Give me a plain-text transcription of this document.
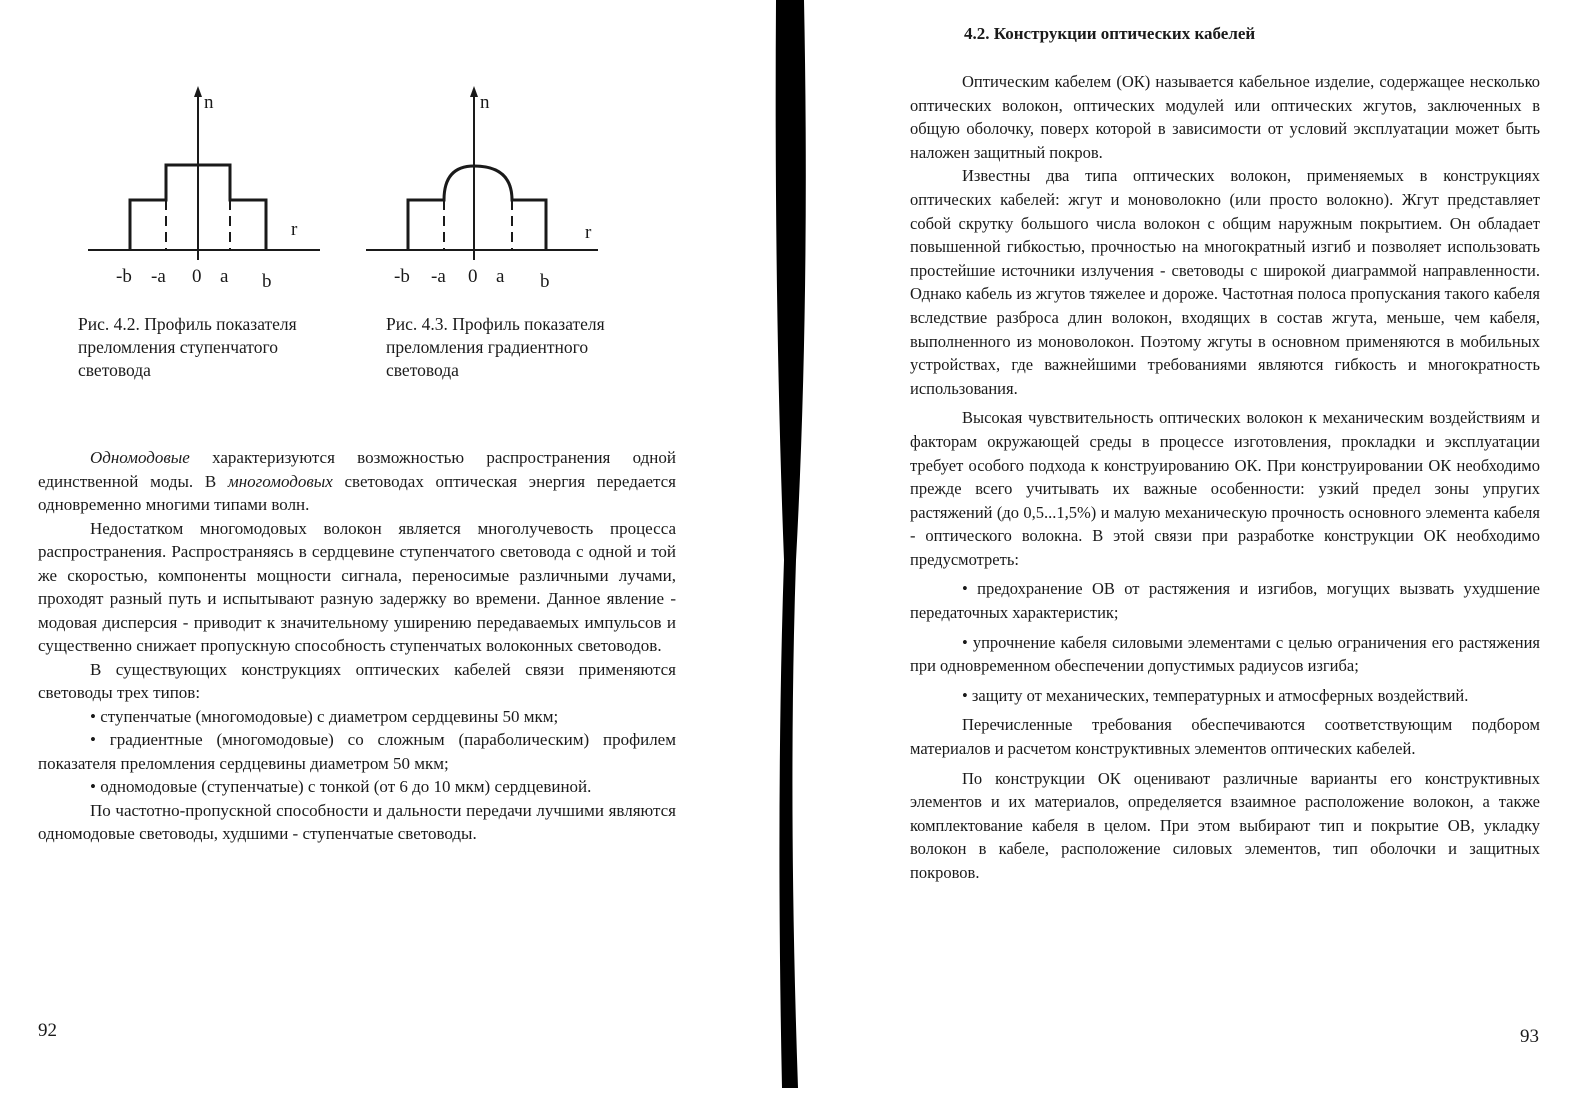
n
r
-b -a 0 a b
n
r
-b -a 0 a b
Рис. 4.2. Профиль показателя
преломления ступенчатого
световода
Рис. 4.3. Профиль показателя
преломления градиентного
световода

Одномодовые характеризуются возможностью распространения одной единственной моды. В многомодовых световодах оптическая энергия передается одновременно многими типами волн.

Недостатком многомодовых волокон является многолучевость процесса распространения. Распространяясь в сердцевине ступенчатого световода с одной и той же скоростью, компоненты мощности сигнала, переносимые различными лучами, проходят разный путь и испытывают разную задержку во времени. Данное явление - модовая дисперсия - приводит к значительному уширению передаваемых импульсов и существенно снижает пропускную способность ступенчатых волоконных световодов.

В существующих конструкциях оптических кабелей связи применяются световоды трех типов:

• ступенчатые (многомодовые) с диаметром сердцевины 50 мкм;

• градиентные (многомодовые) со сложным (параболическим) профилем показателя преломления сердцевины диаметром 50 мкм;

• одномодовые (ступенчатые) с тонкой (от 6 до 10 мкм) сердцевиной.

По частотно-пропускной способности и дальности передачи лучшими являются одномодовые световоды, худшими - ступенчатые световоды.

92
4.2. Конструкции оптических кабелей

Оптическим кабелем (ОК) называется кабельное изделие, содержащее несколько оптических волокон, оптических модулей или оптических жгутов, заключенных в общую оболочку, поверх которой в зависимости от условий эксплуатации может быть наложен защитный покров.

Известны два типа оптических волокон, применяемых в конструкциях оптических кабелей: жгут и моноволокно (или просто волокно). Жгут представляет собой скрутку большого числа волокон с общим наружным покрытием. Он обладает повышенной гибкостью, прочностью на многократный изгиб и позволяет использовать простейшие источники излучения - световоды с широкой диаграммой направленности. Однако кабель из жгутов тяжелее и дороже. Частотная полоса пропускания такого кабеля вследствие разброса длин волокон, входящих в состав жгута, меньше, чем кабеля, выполненного из моноволокон. Поэтому жгуты в основном применяются в мобильных устройствах, где важнейшими требованиями являются гибкость и многократность использования.

Высокая чувствительность оптических волокон к механическим воздействиям и факторам окружающей среды в процессе изготовления, прокладки и эксплуатации требует особого подхода к конструированию ОК. При конструировании ОК необходимо прежде всего учитывать их важные особенности: узкий предел зоны упругих растяжений (до 0,5...1,5%) и малую механическую прочность основного элемента кабеля - оптического волокна. В этой связи при разработке конструкции ОК необходимо предусмотреть:

• предохранение ОВ от растяжения и изгибов, могущих вызвать ухудшение передаточных характеристик;

• упрочнение кабеля силовыми элементами с целью ограничения его растяжения при одновременном обеспечении допустимых радиусов изгиба;

• защиту от механических, температурных и атмосферных воздействий.

Перечисленные требования обеспечиваются соответствующим подбором материалов и расчетом конструктивных элементов оптических кабелей.

По конструкции ОК оценивают различные варианты его конструктивных элементов и их материалов, определяется взаимное расположение волокон, а также комплектование кабеля в целом. При этом выбирают тип и покрытие ОВ, укладку волокон в кабеле, расположение силовых элементов, тип оболочки и защитных покровов.

93
